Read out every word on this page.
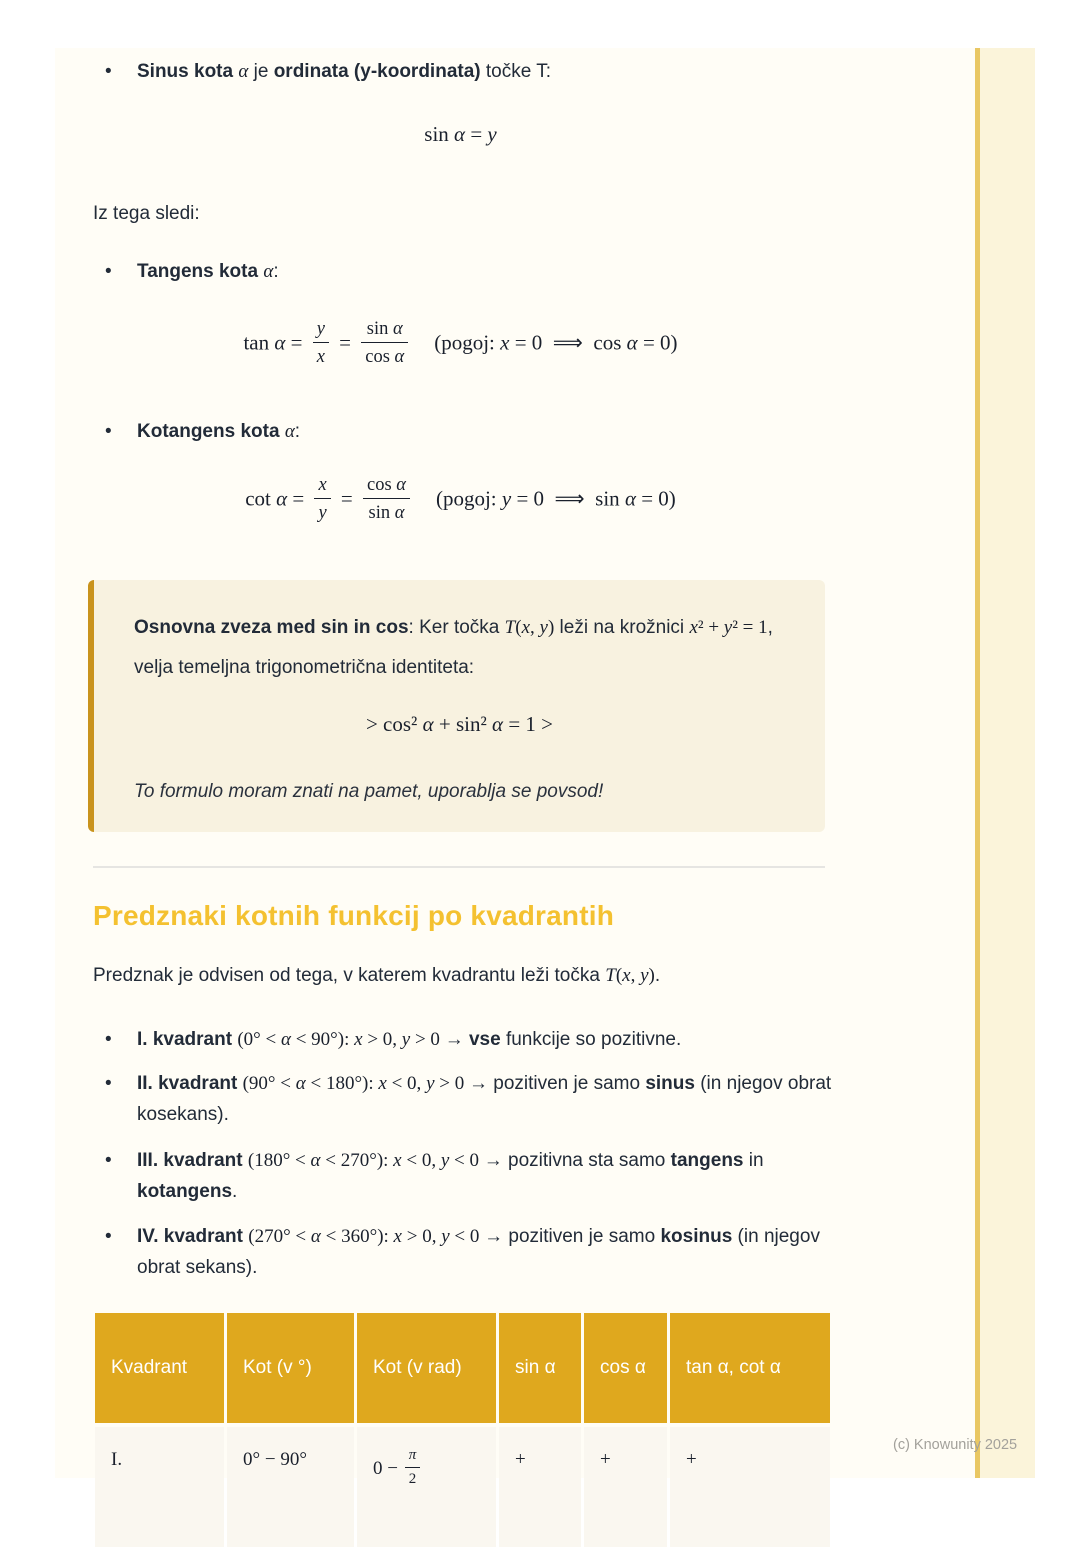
•	Sinus kota α je ordinata (y-koordinata) točke T:
sin α = y
Iz tega sledi:
•	Tangens kota α:
$\tan \alpha = \frac{y}{x} = \frac{\text{sin α}}{\text{cos α}}$  (pogoj: x = 0 ⟹ cos α = 0)
•	Kotangens kota α:
$\cot \alpha = \frac{x}{y} = \frac{\text{cos α}}{\text{sin α}}$  (pogoj: y = 0 ⟹ sin α = 0)
Osnovna zveza med sin in cos: Ker točka T(x, y) leži na krožnici x² + y² = 1, velja temeljna trigonometrična identiteta:
> cos² α + sin² α = 1 >
To formulo moram znati na pamet, uporablja se povsod!
Predznaki kotnih funkcij po kvadrantih
Predznak je odvisen od tega, v katerem kvadrantu leži točka T(x, y).
•	I. kvadrant (0° < α < 90°): x > 0, y > 0 → vse funkcije so pozitivne.
•	II. kvadrant (90° < α < 180°): x < 0, y > 0 → pozitiven je samo sinus (in njegov obrat kosekans).
•	III. kvadrant (180° < α < 270°): x < 0, y < 0 → pozitivna sta samo tangens in kotangens.
•	IV. kvadrant (270° < α < 360°): x > 0, y < 0 → pozitiven je samo kosinus (in njegov obrat sekans).
Kvadrant	Kot (v °)	Kot (v rad)	sin α	cos α	tan α, cot α
I.	0° − 90°	$0 - \frac{\pi}{2}$	+	+	+
(c) Knowunity 2025
